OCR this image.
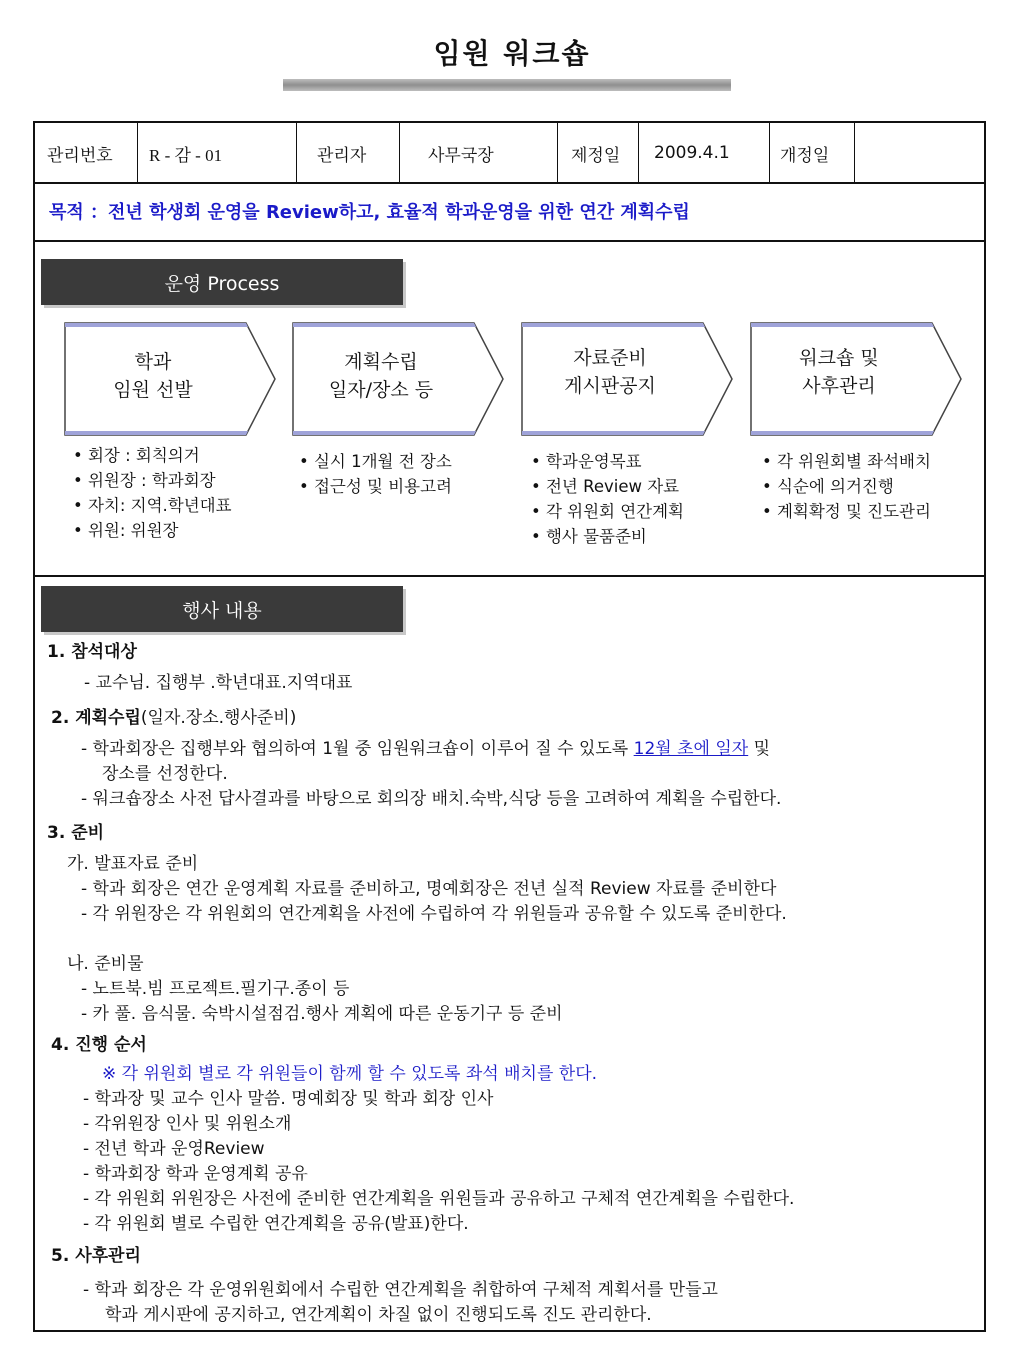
임원 워크숍
관리번호 R - 감 - 01	관리자	사무국장	제정일 2009.4.1	개정일
목적 ：전년 학생회 운영을 Review하고, 효율적 학과운영을 위한 연간 계획수립
운영 Process
학과
임원 선발
계획수립
일자/장소 등
자료준비
게시판공지
워크숍 및
사후관리
• 회장 : 회칙의거
• 위원장 : 학과회장
• 자치: 지역.학년대표
• 위원: 위원장
• 실시 1개월 전 장소
• 접근성 및 비용고려
• 학과운영목표
• 전년 Review 자료
• 각 위원회 연간계획
• 행사 물품준비
• 각 위원회별 좌석배치
• 식순에 의거진행
• 계획확정 및 진도관리
행사 내용
1. 참석대상
- 교수님. 집행부 .학년대표.지역대표
2. 계획수립(일자.장소.행사준비)
- 학과회장은 집행부와 협의하여 1월 중 임원워크숍이 이루어 질 수 있도록 12월 초에 일자 및
장소를 선정한다.
- 워크숍장소 사전 답사결과를 바탕으로 회의장 배치.숙박,식당 등을 고려하여 계획을 수립한다.
3. 준비
가. 발표자료 준비
- 학과 회장은 연간 운영계획 자료를 준비하고, 명예회장은 전년 실적 Review 자료를 준비한다
- 각 위원장은 각 위원회의 연간계획을 사전에 수립하여 각 위원들과 공유할 수 있도록 준비한다.
나. 준비물
- 노트북.빔 프로젝트.필기구.종이 등
- 카 풀. 음식물. 숙박시설점검.행사 계획에 따른 운동기구 등 준비
4. 진행 순서
※ 각 위원회 별로 각 위원들이 함께 할 수 있도록 좌석 배치를 한다.
- 학과장 및 교수 인사 말씀. 명예회장 및 학과 회장 인사
- 각위원장 인사 및 위원소개
- 전년 학과 운영Review
- 학과회장 학과 운영계획 공유
- 각 위원회 위원장은 사전에 준비한 연간계획을 위원들과 공유하고 구체적 연간계획을 수립한다.
- 각 위원회 별로 수립한 연간계획을 공유(발표)한다.
5. 사후관리
- 학과 회장은 각 운영위원회에서 수립한 연간계획을 취합하여 구체적 계획서를 만들고
학과 게시판에 공지하고, 연간계획이 차질 없이 진행되도록 진도 관리한다.
